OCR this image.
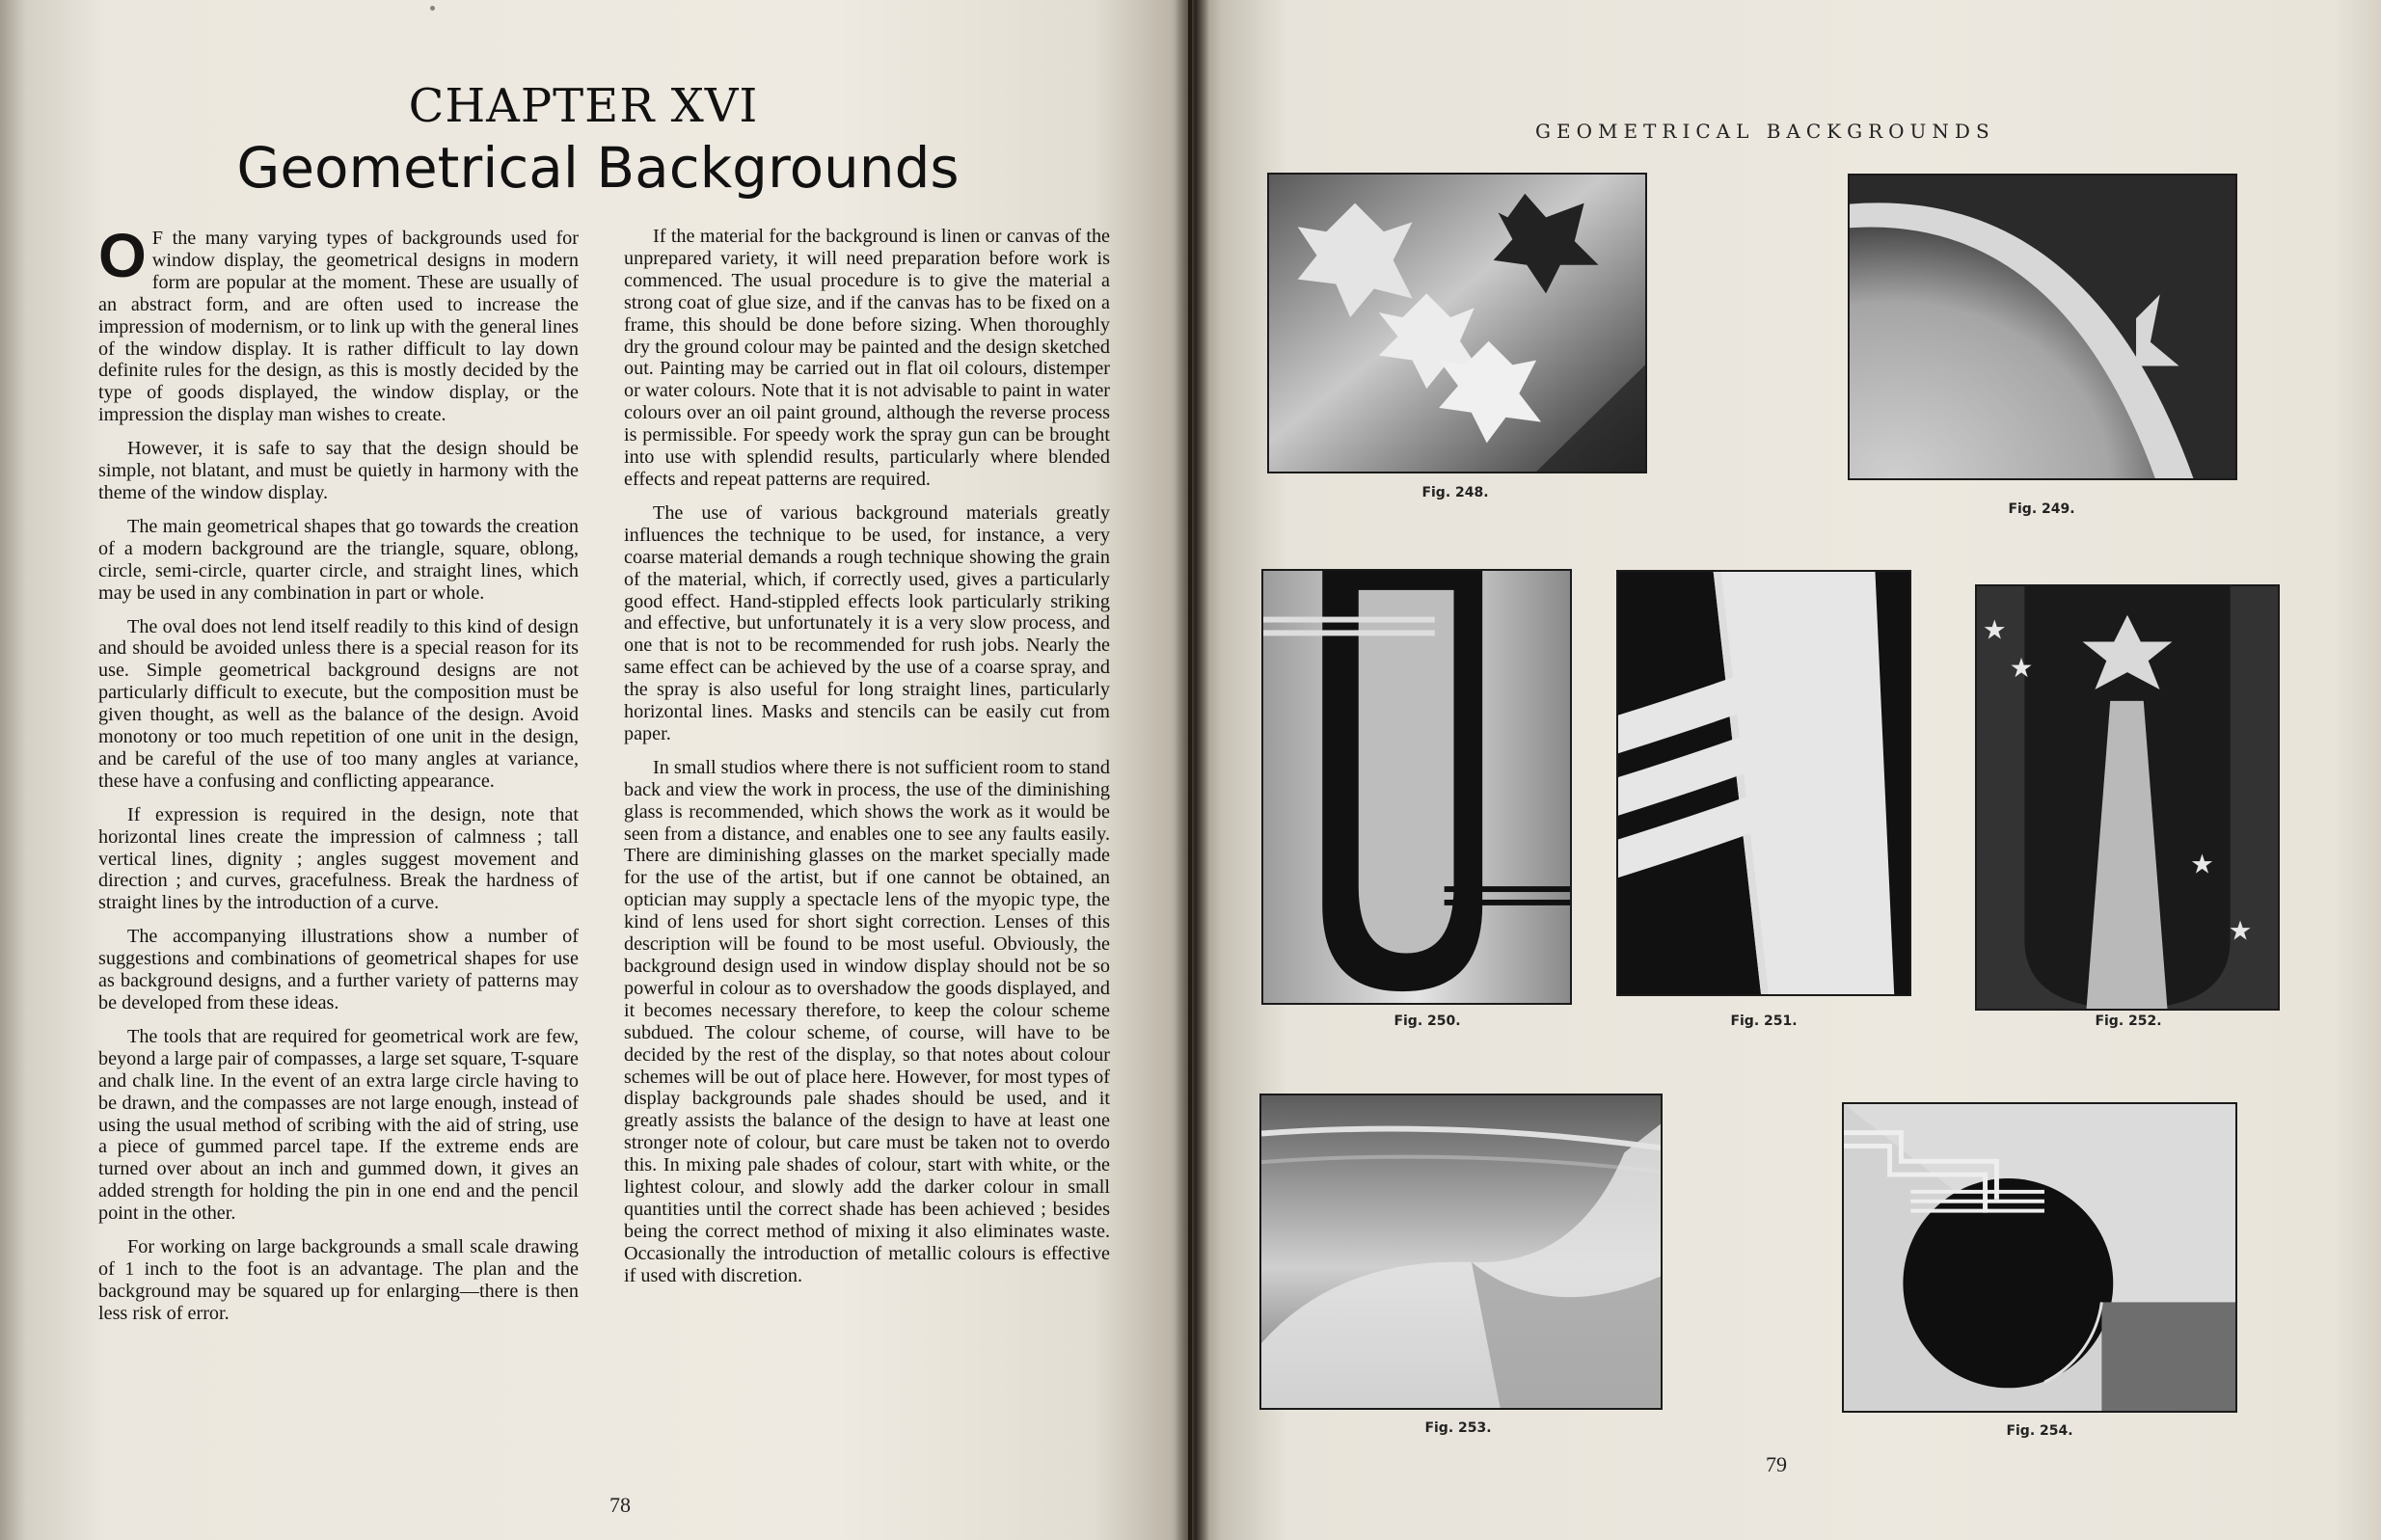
CHAPTER XVI
Geometrical Backgrounds

O F the many varying types of backgrounds used for window display, the geometrical designs in modern form are popular at the moment. These are usually of an abstract form, and are often used to increase the impression of modernism, or to link up with the general lines of the window display. It is rather difficult to lay down definite rules for the design, as this is mostly decided by the type of goods displayed, the window display, or the impression the display man wishes to create.

However, it is safe to say that the design should be simple, not blatant, and must be quietly in harmony with the theme of the window display.

The main geometrical shapes that go towards the creation of a modern background are the triangle, square, oblong, circle, semi-circle, quarter circle, and straight lines, which may be used in any combination in part or whole.

The oval does not lend itself readily to this kind of design and should be avoided unless there is a special reason for its use. Simple geometrical background designs are not particularly difficult to execute, but the composition must be given thought, as well as the balance of the design. Avoid monotony or too much repetition of one unit in the design, and be careful of the use of too many angles at variance, these have a confusing and conflicting appearance.

If expression is required in the design, note that horizontal lines create the impression of calmness ; tall vertical lines, dignity ; angles suggest movement and direction ; and curves, gracefulness. Break the hardness of straight lines by the introduction of a curve.

The accompanying illustrations show a number of suggestions and combinations of geometrical shapes for use as background designs, and a further variety of patterns may be developed from these ideas.

The tools that are required for geometrical work are few, beyond a large pair of compasses, a large set square, T-square and chalk line. In the event of an extra large circle having to be drawn, and the compasses are not large enough, instead of using the usual method of scribing with the aid of string, use a piece of gummed parcel tape. If the extreme ends are turned over about an inch and gummed down, it gives an added strength for holding the pin in one end and the pencil point in the other.

For working on large backgrounds a small scale drawing of 1 inch to the foot is an advantage. The plan and the background may be squared up for enlarging—there is then less risk of error.

If the material for the background is linen or canvas of the unprepared variety, it will need preparation before work is commenced. The usual procedure is to give the material a strong coat of glue size, and if the canvas has to be fixed on a frame, this should be done before sizing. When thoroughly dry the ground colour may be painted and the design sketched out. Painting may be carried out in flat oil colours, distemper or water colours. Note that it is not advisable to paint in water colours over an oil paint ground, although the reverse process is permissible. For speedy work the spray gun can be brought into use with splendid results, particularly where blended effects and repeat patterns are required.

The use of various background materials greatly influences the technique to be used, for instance, a very coarse material demands a rough technique showing the grain of the material, which, if correctly used, gives a particularly good effect. Hand-stippled effects look particularly striking and effective, but unfortunately it is a very slow process, and one that is not to be recommended for rush jobs. Nearly the same effect can be achieved by the use of a coarse spray, and the spray is also useful for long straight lines, particularly horizontal lines. Masks and stencils can be easily cut from paper.

In small studios where there is not sufficient room to stand back and view the work in process, the use of the diminishing glass is recommended, which shows the work as it would be seen from a distance, and enables one to see any faults easily. There are diminishing glasses on the market specially made for the use of the artist, but if one cannot be obtained, an optician may supply a spectacle lens of the myopic type, the kind of lens used for short sight correction. Lenses of this description will be found to be most useful. Obviously, the background design used in window display should not be so powerful in colour as to overshadow the goods displayed, and it becomes necessary therefore, to keep the colour scheme subdued. The colour scheme, of course, will have to be decided by the rest of the display, so that notes about colour schemes will be out of place here. However, for most types of display backgrounds pale shades should be used, and it greatly assists the balance of the design to have at least one stronger note of colour, but care must be taken not to overdo this. In mixing pale shades of colour, start with white, or the lightest colour, and slowly add the darker colour in small quantities until the correct shade has been achieved ; besides being the correct method of mixing it also eliminates waste. Occasionally the introduction of metallic colours is effective if used with discretion.

78
GEOMETRICAL BACKGROUNDS
Fig. 248.
Fig. 249.
Fig. 250.	Fig. 251.
★
★
★
★
Fig. 252.
Fig. 253.	Fig. 254.
79
